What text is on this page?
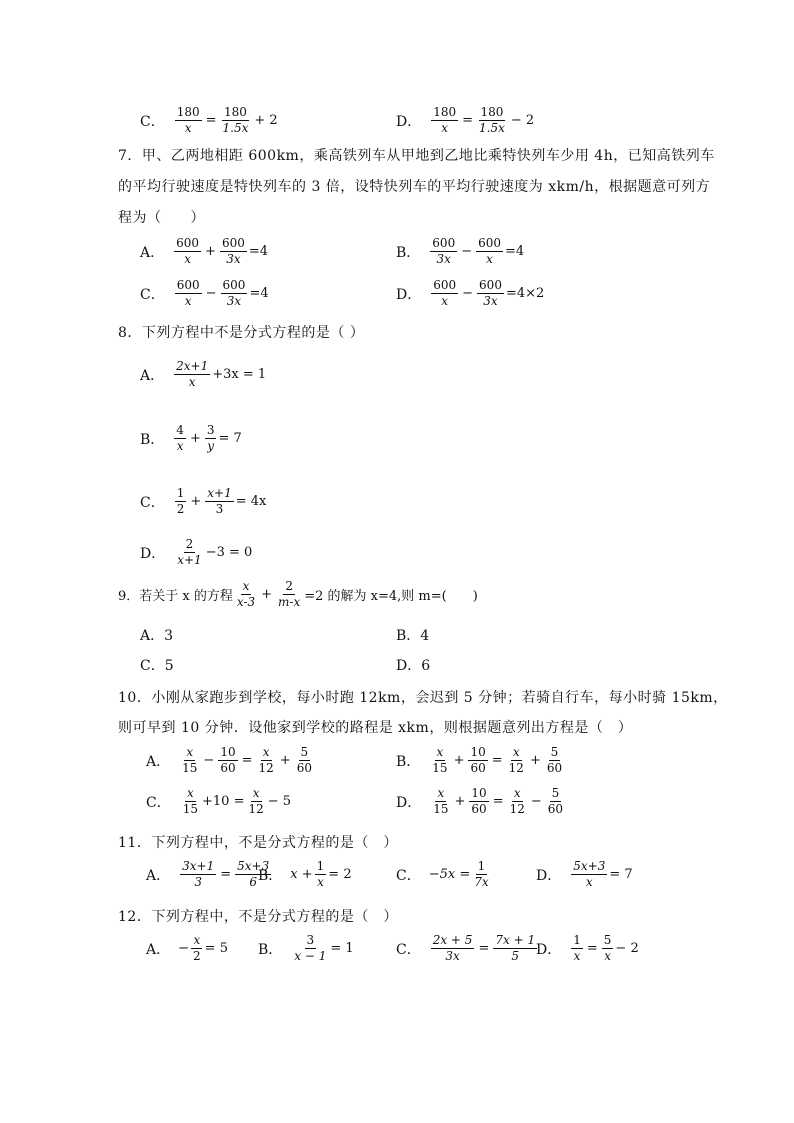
C． $\frac{180}{x} = \frac{180}{1.5x} + 2$	D． $\frac{180}{x} = \frac{180}{1.5x} - 2$
7．甲、乙两地相距 600km，乘高铁列车从甲地到乙地比乘特快列车少用 4h，已知高铁列车
的平均行驶速度是特快列车的 3 倍，设特快列车的平均行驶速度为 xkm/h，根据题意可列方
程为（　　）
A． $\frac{600}{x} + \frac{600}{3x} =4$	B． $\frac{600}{3x} - \frac{600}{x} =4$
C． $\frac{600}{x} - \frac{600}{3x} =4$	D． $\frac{600}{x} - \frac{600}{3x} =4\times 2$
8．下列方程中不是分式方程的是（ ）
A． $\frac{2x+1}{x} +3x = 1$
B． $\frac{4}{x} + \frac{3}{y} = 7$
C． $\frac{1}{2} + \frac{x+1}{3} = 4x$
D． $\frac{2}{x+1} -3 = 0$
9．若关于 x 的方程 $\frac{x}{x-3} + \frac{2}{m-x} =2$ 的解为 x=4,则 m=(　　)
A．3	B．4
C．5	D．6
10．小刚从家跑步到学校，每小时跑 12km，会迟到 5 分钟；若骑自行车，每小时骑 15km，
则可早到 10 分钟．设他家到学校的路程是 xkm，则根据题意列出方程是（　）
A． $\frac{x}{15} - \frac{10}{60} = \frac{x}{12} + \frac{5}{60}$	B． $\frac{x}{15} + \frac{10}{60} = \frac{x}{12} + \frac{5}{60}$
C． $\frac{x}{15} +10 = \frac{x}{12} - 5$	D． $\frac{x}{15} + \frac{10}{60} = \frac{x}{12} - \frac{5}{60}$
11．下列方程中，不是分式方程的是（　）
A． $\frac{3x+1}{3} = \frac{5x+3}{6}$
B． $x + \frac{1}{x} = 2$	C． $-5x = \frac{1}{7x}$	D． $\frac{5x+3}{x} = 7$
12．下列方程中，不是分式方程的是（　）
A． − $\frac{x}{2} = 5$ B． $\frac{3}{x - 1} = 1$	C． $\frac{2x + 5}{3x} = \frac{7x + 1}{5}$
D． $\frac{1}{x} = \frac{5}{x} - 2$
